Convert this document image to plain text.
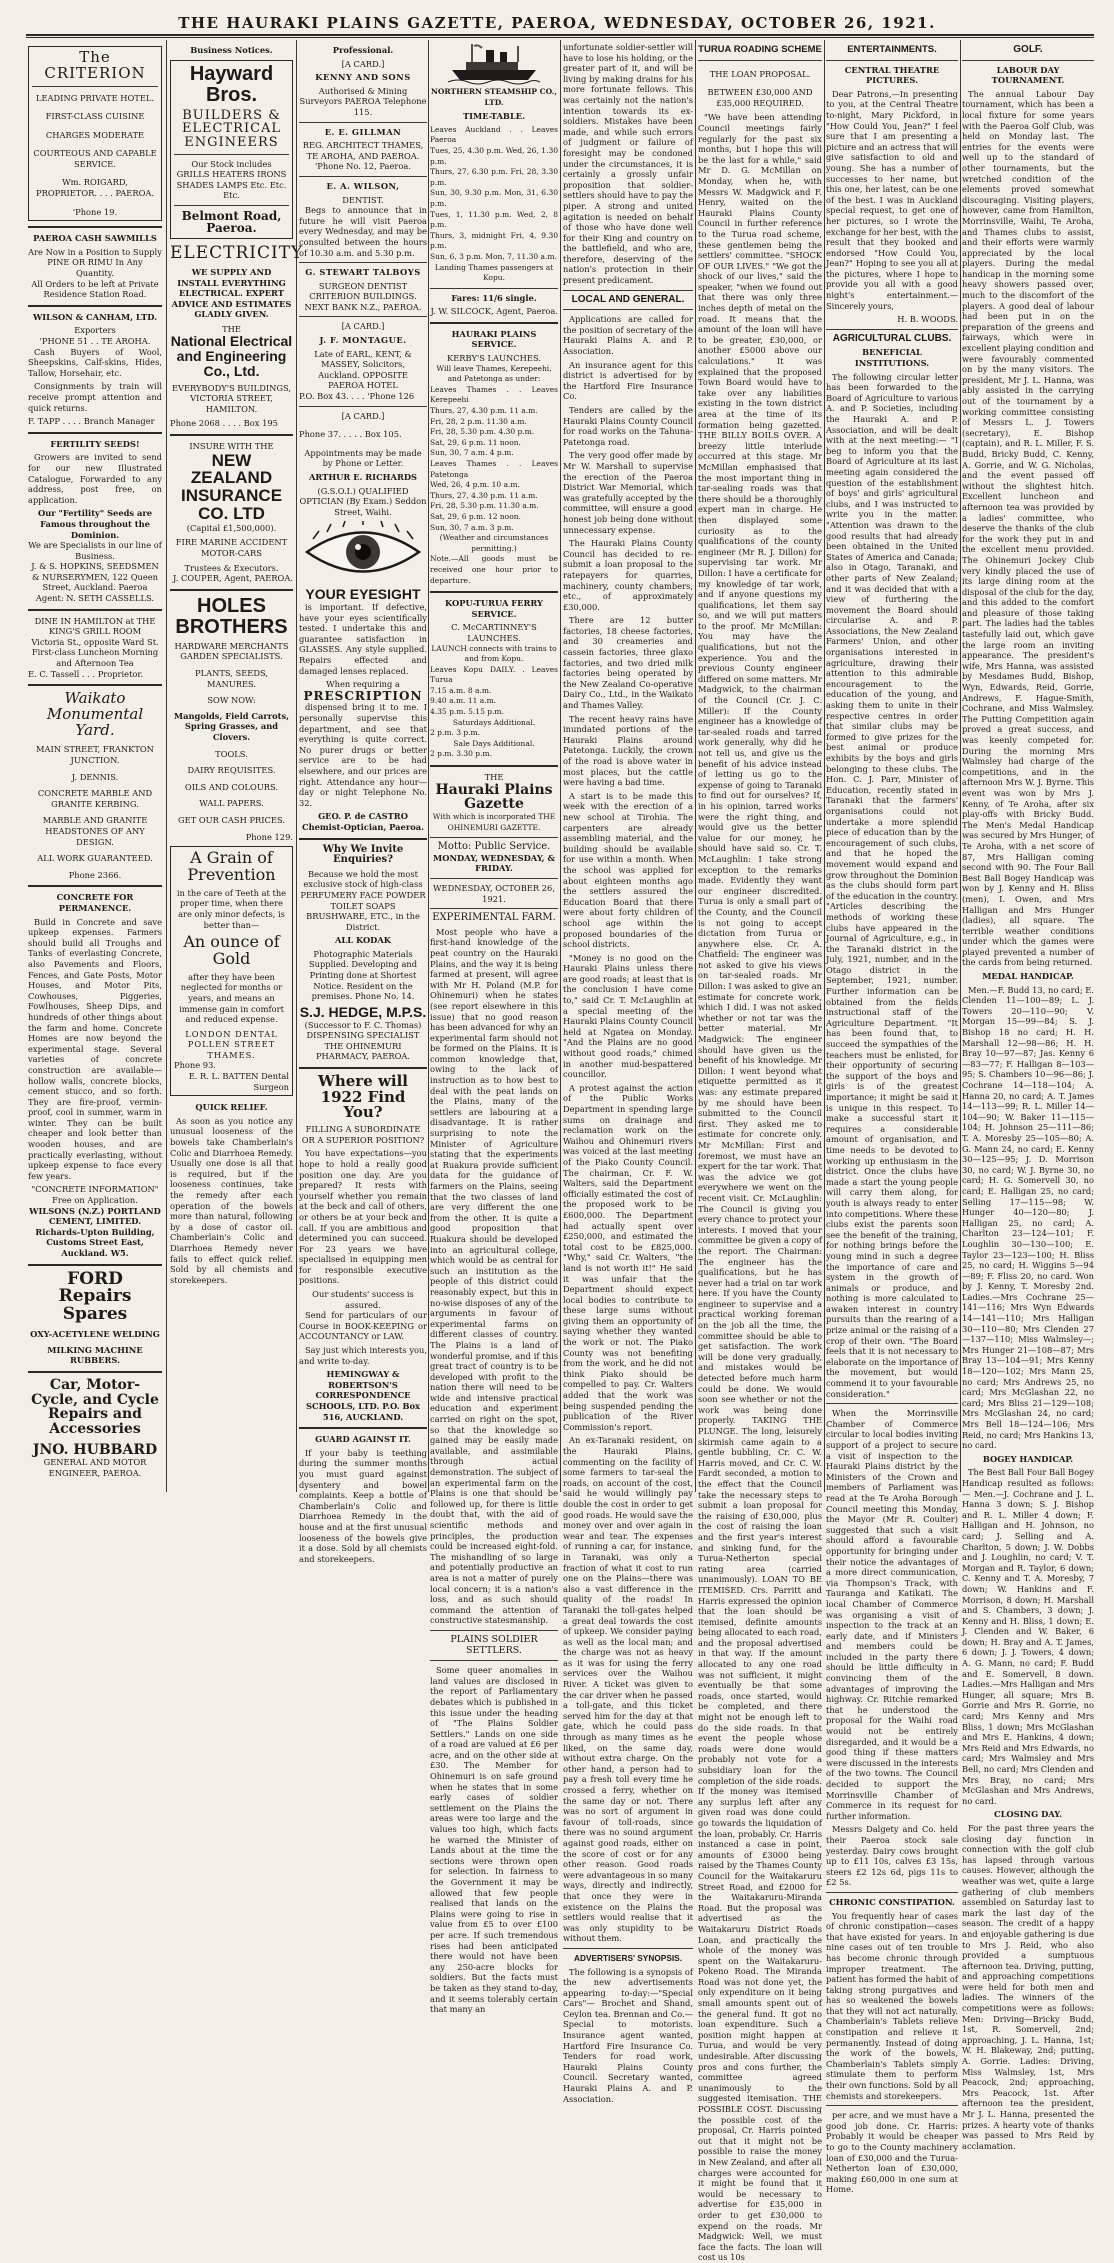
THE HAURAKI PLAINS GAZETTE, PAEROA, WEDNESDAY, OCTOBER 26, 1921.
The CRITERION
LEADING PRIVATE HOTEL.
FIRST-CLASS CUISINE
CHARGES MODERATE
COURTEOUS AND CAPABLE SERVICE.
Wm. ROIGARD, PROPRIETOR. . . . PAEROA.
'Phone 19.
PAEROA CASH SAWMILLS
Are Now in a Position to Supply PINE OR RIMU In Any Quantity.
All Orders to be left at Private Residence Station Road.
WILSON & CANHAM, LTD.
Exporters
'PHONE 51 . . TE AROHA.

Cash Buyers of Wool, Sheepskins, Calf-skins, Hides, Tallow, Horsehair, etc.

Consignments by train will receive prompt attention and quick returns.

F. TAPP . . . . Branch Manager
FERTILITY SEEDS!

Growers are invited to send for our new Illustrated Catalogue, Forwarded to any address, post free, on application.

Our "Fertility" Seeds are Famous throughout the Dominion.
We are Specialists in our line of Business.
J. & S. HOPKINS, SEEDSMEN & NURSERYMEN, 122 Queen Street, Auckland. Paeroa Agent: N. SETH CASSELLS.
DINE IN HAMILTON at THE KING'S GRILL ROOM
Victoria St., opposite Ward St. First-class Luncheon Morning and Afternoon Tea
E. C. Tassell . . . Proprietor.
Waikato Monumental Yard.
MAIN STREET, FRANKTON JUNCTION.
J. DENNIS.
CONCRETE MARBLE AND GRANITE KERBING.
MARBLE AND GRANITE HEADSTONES OF ANY DESIGN.
ALL WORK GUARANTEED.
Phone 2366.
CONCRETE FOR PERMANENCE.

Build in Concrete and save upkeep expenses. Farmers should build all Troughs and Tanks of everlasting Concrete, also Pavements and Floors, Fences, and Gate Posts, Motor Houses, and Motor Pits, Cowhouses, Piggeries, Fowlhouses, Sheep Dips, and hundreds of other things about the farm and home. Concrete Homes are now beyond the experimental stage. Several varieties of concrete construction are available—hollow walls, concrete blocks, cement stucco, and so forth. They are fire-proof, vermin-proof, cool in summer, warm in winter. They can be built cheaper and look better than wooden houses, and are practically everlasting, without upkeep expense to face every few years.

"CONCRETE INFORMATION" Free on Application.
WILSONS (N.Z.) PORTLAND CEMENT, LIMITED. Richards-Upton Building, Customs Street East, Auckland. W5.
FORD Repairs Spares
OXY-ACETYLENE WELDING
MILKING MACHINE RUBBERS.
Car, Motor-Cycle, and Cycle Repairs and Accessories
JNO. HUBBARD
GENERAL AND MOTOR ENGINEER, PAEROA.
Business Notices.
Hayward Bros.
BUILDERS & ELECTRICAL ENGINEERS
Our Stock includes GRILLS HEATERS IRONS SHADES LAMPS Etc. Etc. Etc.
Belmont Road, Paeroa.
ELECTRICITY
WE SUPPLY AND INSTALL EVERYTHING ELECTRICAL. EXPERT ADVICE AND ESTIMATES GLADLY GIVEN.
THE
National Electrical and Engineering Co., Ltd.
EVERYBODY'S BUILDINGS, VICTORIA STREET, HAMILTON.
Phone 2068 . . . . Box 195
INSURE WITH THE
NEW ZEALAND INSURANCE CO. LTD
(Capital £1,500,000).
FIRE MARINE ACCIDENT MOTOR-CARS
Trustees & Executors.
J. COUPER, Agent, PAEROA.
HOLES BROTHERS
HARDWARE MERCHANTS GARDEN SPECIALISTS.
PLANTS, SEEDS, MANURES.
SOW NOW:
Mangolds, Field Carrots, Spring Grasses, and Clovers.
TOOLS.
DAIRY REQUISITES.
OILS AND COLOURS.
WALL PAPERS.
GET OUR CASH PRICES.
Phone 129.
A Grain of Prevention
in the care of Teeth at the proper time, when there are only minor defects, is better than—
An ounce of Gold
after they have been neglected for months or years, and means an immense gain in comfort and reduced expense.
LONDON DENTAL POLLEN STREET THAMES.
Phone 93.
E. R. L. BATTEN Dental Surgeon
QUICK RELIEF.

As soon as you notice any unusual looseness of the bowels take Chamberlain's Colic and Diarrhoea Remedy. Usually one dose is all that is required, but if the looseness continues, take the remedy after each operation of the bowels more than natural, following by a dose of castor oil. Chamberlain's Colic and Diarrhoea Remedy never fails to effect quick relief. Sold by all chemists and storekeepers.

Professional.
[A CARD.]
KENNY AND SONS
Authorised & Mining Surveyors PAEROA Telephone 115.
E. E. GILLMAN
REG. ARCHITECT THAMES, TE AROHA, AND PAEROA. 'Phone No. 12, Paeroa.
E. A. WILSON,
DENTIST.

Begs to announce that in future he will visit Paeroa every Wednesday, and may be consulted between the hours of 10.30 a.m. and 5.30 p.m.

G. STEWART TALBOYS
SURGEON DENTIST CRITERION BUILDINGS. NEXT BANK N.Z., PAEROA.
[A CARD.]
J. F. MONTAGUE.
Late of EARL, KENT, & MASSEY, Solicitors, Auckland. OPPOSITE PAEROA HOTEL
P.O. Box 43. . . . 'Phone 126
[A CARD.]
Phone 37. . . . . Box 105.
Appointments may be made by Phone or Letter.
ARTHUR E. RICHARDS
(G.S.O.I.) QUALIFIED OPTICIAN (By Exam.) Seddon Street, Waihi.
YOUR EYESIGHT

is important. If defective, have your eyes scientifically tested. I undertake this and guarantee satisfaction in GLASSES. Any style supplied. Repairs effected and damaged lenses replaced.

When requiring a
PRESCRIPTION

dispensed bring it to me. I personally supervise this department, and see that everything is quite correct. No purer drugs or better service are to be had elsewhere, and our prices are right. Attendance any hour—day or night Telephone No. 32.

GEO. P. de CASTRO Chemist-Optician, Paeroa.
Why We Invite Enquiries?
Because we hold the most exclusive stock of high-class PERFUMERY FACE POWDER TOILET SOAPS BRUSHWARE, ETC., in the District.
ALL KODAK
Photographic Materials Supplied. Developing and Printing done at Shortest Notice. Resident on the premises. Phone No. 14.
S.J. HEDGE, M.P.S.
(Successor to F. C. Thomas) DISPENSING SPECIALIST THE OHINEMURI PHARMACY, PAEROA.
Where will 1922 Find You?
FILLING A SUBORDINATE OR A SUPERIOR POSITION?

You have expectations—you hope to hold a really good position one day. Are you prepared? It rests with yourself whether you remain at the beck and call of others, or others be at your beck and call. If you are ambitious and determined you can succeed. For 23 years we have specialised in equipping men for responsible executive positions.

Our students' success is assured.

Send for particulars of our Course in BOOK-KEEPING or ACCOUNTANCY or LAW.

Say just which interests you, and write to-day.

HEMINGWAY & ROBERTSON'S CORRESPONDENCE SCHOOLS, LTD. P.O. Box 516, AUCKLAND.
GUARD AGAINST IT.

If your baby is teething during the summer months you must guard against dysentery and bowel complaints. Keep a bottle of Chamberlain's Colic and Diarrhoea Remedy in the house and at the first unusual looseness of the bowels give it a dose. Sold by all chemists and storekeepers.

NORTHERN STEAMSHIP CO., LTD.
TIME-TABLE.
Leaves Auckland . . Leaves Paeroa
Tues, 25, 4.30 p.m. Wed, 26, 1.30 p.m.
Thurs, 27, 6.30 p.m. Fri, 28, 3.30 p.m.
Sun, 30, 9.30 p.m. Mon, 31, 6.30 p.m.
Tues, 1, 11.30 p.m. Wed, 2, 8 p.m.
Thurs, 3, midnight Fri, 4, 9.30 p.m.
Sun, 6, 3 p.m. Mon, 7, 11.30 a.m.
Landing Thames passengers at Kopu.
Fares: 11/6 single.
J. W. SILCOCK, Agent, Paeroa.
HAURAKI PLAINS SERVICE.
KERBY'S LAUNCHES.
Will leave Thames, Kerepeehi, and Patetonga as under:
Leaves Thames . . Leaves Kerepeehi
Thurs, 27, 4.30 p.m. 11 a.m.
Fri, 28, 2 p.m. 11.30 a.m.
Fri, 28, 5.30 p.m. 4.30 p.m.
Sat, 29, 6 p.m. 11 noon.
Sun, 30, 7 a.m. 4 p.m.
Leaves Thames . . Leaves Patetonga
Wed, 26, 4 p.m. 10 a.m.
Thurs, 27, 4.30 p.m. 11 a.m.
Fri, 28, 5.30 p.m. 11.30 a.m.
Sat, 29, 6 p.m. 12 noon.
Sun, 30, 7 a.m. 3 p.m.
(Weather and circumstances permitting.)
Note.—All goods must be received one hour prior to departure.
KOPU-TURUA FERRY SERVICE.
C. McCARTINNEY'S LAUNCHES.
LAUNCH connects with trains to and from Kopu.
Leaves Kopu DAILY. . Leaves Turua
7.15 a.m. 8 a.m.
9.40 a.m. 11 a.m.
4.35 p.m. 5.15 p.m.
Saturdays Additional.
2 p.m. 3 p.m.
Sale Days Additional.
2 p.m. 3.30 p.m.
THE
Hauraki Plains Gazette
With which is incorporated THE OHINEMURI GAZETTE.
Motto: Public Service.
MONDAY, WEDNESDAY, & FRIDAY.
WEDNESDAY, OCTOBER 26, 1921.
EXPERIMENTAL FARM.

Most people who have a first-hand knowledge of the peat country on the Hauraki Plains, and the way it is being farmed at present, will agree with Mr H. Poland (M.P. for Ohinemuri) when he states (see report elsewhere in this issue) that no good reason has been advanced for why an experimental farm should not be formed on the Plains. It is common knowledge that, owing to the lack of instruction as to how best to deal with the peat lands on the Plains, many of the settlers are labouring at a disadvantage. It is rather surprising to note the Minister of Agriculture stating that the experiments at Ruakura provide sufficient data for the guidance of farmers on the Plains, seeing that the two classes of land are very different the one from the other. It is quite a good proposition that Ruakura should be developed into an agricultural college, which would be as central for such an institution as the people of this district could reasonably expect, but this in no-wise disposes of any of the arguments in favour of experimental farms on different classes of country. The Plains is a land of wonderful promise, and if this great tract of country is to be developed with profit to the nation there will need to be wide and intensive practical education and experiment carried on right on the spot, so that the knowledge so gained may be easily made available, and assimilable through actual demonstration. The subject of an experimental farm on the Plains is one that should be followed up, for there is little doubt that, with the aid of scientific methods and principles, the production could be increased eight-fold. The mishandling of so large and potentially productive an area is not a matter of purely local concern; it is a nation's loss, and as such should command the attention of constructive statesmanship.

PLAINS SOLDIER SETTLERS.

Some queer anomalies in land values are disclosed in the report of Parliamentary debates which is published in this issue under the heading of "The Plains Soldier Settlers." Lands on one side of a road are valued at £6 per acre, and on the other side at £30. The Member for Ohinemuri is on safe ground when he states that in some early cases of soldier settlement on the Plains the areas were too large and the values too high, which facts he warned the Minister of Lands about at the time the sections were thrown open for selection. In fairness to the Government it may be allowed that few people realised that lands on the Plains were going to rise in value from £5 to over £100 per acre. If such tremendous rises had been anticipated there would not have been any 250-acre blocks for soldiers. But the facts must be taken as they stand to-day, and it seems tolerably certain that many an

unfortunate soldier-settler will have to lose his holding, or the greater part of it, and will be living by making drains for his more fortunate fellows. This was certainly not the nation's intention towards its ex-soldiers. Mistakes have been made, and while such errors of judgment or failure of foresight may be condoned under the circumstances, it is certainly a grossly unfair proposition that soldier-settlers should have to pay the piper. A strong and united agitation is needed on behalf of those who have done well for their King and country on the battlefield, and who are, therefore, deserving of the nation's protection in their present predicament.

LOCAL AND GENERAL.

Applications are called for the position of secretary of the Hauraki Plains A. and P. Association.

An insurance agent for this district is advertised for by the Hartford Fire Insurance Co.

Tenders are called by the Hauraki Plains County Council for road works on the Tahuna-Patetonga road.

The very good offer made by Mr W. Marshall to supervise the erection of the Paeroa District War Memorial, which was gratefully accepted by the committee, will ensure a good honest job being done without unnecessary expense.

The Hauraki Plains County Council has decided to re-submit a loan proposal to the ratepayers for quarries, machinery, county chambers, etc., of approximately £30,000.

There are 12 butter factories, 18 cheese factories, and 30 creameries and cassein factories, three glaxo factories, and two dried milk factories being operated by the New Zealand Co-operative Dairy Co., Ltd., in the Waikato and Thames Valley.

The recent heavy rains have inundated portions of the Hauraki Plains around Patetonga. Luckily, the crown of the road is above water in most places, but the cattle were having a bad time.

A start is to be made this week with the erection of a new school at Tirohia. The carpenters are already assembling material, and the building should be available for use within a month. When the school was applied for about eighteen months ago the settlers assured the Education Board that there were about forty children of school age within the proposed boundaries of the school districts.

"Money is no good on the Hauraki Plains unless there are good roads; at least that is the conclusion I have come to," said Cr. T. McLaughlin at a special meeting of the Hauraki Plains County Council held at Ngatea on Monday. "And the Plains are no good without good roads," chimed in another mud-bespattered councillor.

A protest against the action of the Public Works Department in spending large sums on drainage and reclamation work on the Waihou and Ohinemuri rivers was voiced at the last meeting of the Piako County Council. The chairman, Cr. F. W. Walters, said the Department officially estimated the cost of the proposed work to be £600,000. The Department had actually spent over £250,000, and estimated the total cost to be £825,000. "Why," said Cr. Walters, "the land is not worth it!" He said it was unfair that the Department should expect local bodies to contribute to these large sums without giving them an opportunity of saying whether they wanted the work or not. The Piako County was not benefiting from the work, and he did not think Piako should be compelled to pay. Cr. Walters added that the work was being suspended pending the publication of the River Commission's report.

An ex-Taranaki resident, on the Hauraki Plains, commenting on the facility of some farmers to tar-seal the roads, on account of the cost, said he would willingly pay double the cost in order to get good roads. He would save the money over and over again in wear and tear. The expenses of running a car, for instance, in Taranaki, was only a fraction of what it cost to run one on the Plains—there was also a vast difference in the quality of the roads! In Taranaki the toll-gates helped a great deal towards the cost of upkeep. We consider paying as well as the local man; and the charge was not as heavy as it was for using the ferry services over the Waihou River. A ticket was given to the car driver when he passed a toll-gate, and this ticket served him for the day at that gate, which he could pass through as many times as he liked, on the same day, without extra charge. On the other hand, a person had to pay a fresh toll every time he crossed a ferry, whether on the same day or not. There was no sort of argument in favour of toll-roads, since there was no sound argument against good roads, either on the score of cost or for any other reason. Good roads were advantageous in so many ways, directly and indirectly, that once they were in existence on the Plains the settlers would realise that it was only stupidity to be without them.

ADVERTISERS' SYNOPSIS.

The following is a synopsis of the new advertisements appearing to-day:—"Special Cars"— Brochet and Shand, Ceylon tea. Brennan and Co.—Special to motorists. Insurance agent wanted, Hartford Fire Insurance Co. Tenders for road work, Hauraki Plains County Council. Secretary wanted, Hauraki Plains A. and P. Association.

TURUA ROADING SCHEME
THE LOAN PROPOSAL.
BETWEEN £30,000 AND £35,000 REQUIRED.

"We have been attending Council meetings fairly regularly for the past six months, but I hope this will be the last for a while," said Mr D. G. McMillan on Monday, when he, with Messrs W. Madgwick and F. Henry, waited on the Hauraki Plains County Council in further reference to the Turua road scheme, these gentlemen being the settlers' committee. "SHOCK OF OUR LIVES." "We got the shock of our lives," said the speaker, "when we found out that there was only three inches depth of metal on the road. It means that the amount of the loan will have to be greater, £30,000, or another £5000 above our calculations." It was explained that the proposed Town Board would have to take over any liabilities existing in the town district area at the time of its formation being gazetted. THE BILLY BOILS OVER. A breezy little interlude occurred at this stage. Mr McMillan emphasised that the most important thing in tar-sealing roads was that there should be a thoroughly expert man in charge. He then displayed some curiosity as to the qualifications of the county engineer (Mr R. J. Dillon) for supervising tar work. Mr Dillon: I have a certificate for my knowledge of tar work, and if anyone questions my qualifications, let them say so, and we will put matters to the proof. Mr McMillan: You may have the qualifications, but not the experience. You and the previous County engineer differed on some matters. Mr Madgwick, to the chairman of the Council (Cr. J. C. Miller): If the County engineer has a knowledge of tar-sealed roads and tarred work generally, why did he not tell us, and give us the benefit of his advice instead of letting us go to the expense of going to Taranaki to find out for ourselves? If, in his opinion, tarred works were the right thing, and would give us the better value for our money, he should have said so. Cr. T. McLaughlin: I take strong exception to the remarks made. Evidently they want our engineer discredited. Turua is only a small part of the County, and the Council is not going to accept dictation from Turua or anywhere else. Cr. A. Chatfield: The engineer was not asked to give his views on tar-sealed roads. Mr Dillon: I was asked to give an estimate for concrete work, which I did. I was not asked whether or not tar was the better material. Mr Madgwick: The engineer should have given us the benefit of his knowledge. Mr Dillon: I went beyond what etiquette permitted as it was: any estimate prepared by me should have been submitted to the Council first. They asked me to estimate for concrete only. Mr McMillan: First and foremost, we must have an expert for the tar work. That was the advice we got everywhere we went on the recent visit. Cr. McLaughlin: The Council is giving you every chance to protect your interests. I moved that your committee be given a copy of the report. The Chairman: The engineer has the qualifications, but he has never had a trial on tar work here. If you have the County engineer to supervise and a practical working foreman on the job all the time, the committee should be able to get satisfaction. The work will be done very gradually, and mistakes would be detected before much harm could be done. We would soon see whether or not the work was being done properly. TAKING THE PLUNGE. The long, leisurely skirmish came again to a gentle bubbling, Cr. C. W. Harris moved, and Cr. C. W. Fardt seconded, a motion to the effect that the Council take the necessary steps to submit a loan proposal for the raising of £30,000, plus the cost of raising the loan and the first year's interest and sinking fund, for the Turua-Netherton special rating area (carried unanimously). LOAN TO BE ITEMISED. Crs. Parritt and Harris expressed the opinion that the loan should be itemised, definite amounts being allocated to each road, and the proposal advertised in that way. If the amount allocated to any one road was not sufficient, it might eventually be that some roads, once started, would be completed, and there might not be enough left to do the side roads. In that event the people whose roads were done would probably not vote for a subsidiary loan for the completion of the side roads. If the money was itemised any surplus left after any given road was done could go towards the liquidation of the loan, probably. Cr. Harris instanced a case in point, amounts of £3000 being raised by the Thames County Council for the Waitakaruru Street Road, and £2000 for the Waitakaruru-Miranda Road. But the proposal was advertised as the Waitakaruru District Roads Loan, and practically the whole of the money was spent on the Waitakaruru-Pokeno Road. The Miranda Road was not done yet, the only expenditure on it being small amounts spent out of the general fund. It got no loan expenditure. Such a position might happen at Turua, and would be very undesirable. After discussing pros and cons further, the committee agreed unanimously to the suggested itemisation. THE POSSIBLE COST. Discussing the possible cost of the proposal, Cr. Harris pointed out that it might not be possible to raise the money in New Zealand, and after all charges were accounted for it might be found that it would be necessary to advertise for £35,000 in order to get £30,000 to expend on the roads. Mr Madgwick: Well, we must face the facts. The loan will cost us 10s

ENTERTAINMENTS.
CENTRAL THEATRE PICTURES.

Dear Patrons,—In presenting to you, at the Central Theatre to-night, Mary Pickford, in "How Could You, Jean?" I feel sure that I am presenting a picture and an actress that will give satisfaction to old and young. She has a number of successes to her name, but this one, her latest, can be one of the best. I was in Auckland special request, to get one of her pictures, so I wrote the exchange for her best, with the result that they booked and endorsed "How Could You, Jean?" Hoping to see you all at the pictures, where I hope to provide you all with a good night's entertainment.—Sincerely yours,

H. B. WOODS.
AGRICULTURAL CLUBS.
BENEFICIAL INSTITUTIONS.

The following circular letter has been forwarded to the Board of Agriculture to various A. and P. Societies, including the Hauraki A. and P. Association, and will be dealt with at the next meeting:— "I beg to inform you that the Board of Agriculture at its last meeting again considered the question of the establishment of boys' and girls' agricultural clubs, and I was instructed to write you in the matter. "Attention was drawn to the good results that had already been obtained in the United States of America and Canada; also in Otago, Taranaki, and other parts of New Zealand; and it was decided that with a view of furthering the movement the Board should circularise A. and P. Associations, the New Zealand Farmers' Union, and other organisations interested in agriculture, drawing their attention to this admirable encouragement to the education of the young, and asking them to unite in their respective centres in order that similar clubs may be formed to give prizes for the best animal or produce exhibits by the boys and girls belonging to these clubs. The Hon. C. J. Parr, Minister of Education, recently stated in Taranaki that the farmers' organisations could not undertake a more splendid piece of education than by the encouragement of such clubs, and that he hoped the movement would expand and grow throughout the Dominion as the clubs should form part of the education in the country. "Articles describing the methods of working these clubs have appeared in the Journal of Agriculture, e.g., in the Taranaki district in the July, 1921, number, and in the Otago district in the September, 1921, number. Further information can be obtained from the fields instructional staff of the Agriculture Department. "It has been found that, to succeed the sympathies of the teachers must be enlisted, for their opportunity of securing the support of the boys and girls is of the greatest importance; it might be said it is unique in this respect. To make a successful start it requires a considerable amount of organisation, and time needs to be devoted to working up enthusiasm in the district. Once the clubs have made a start the young people will carry them along, for youth is always ready to enter into competitions. Where these clubs exist the parents soon see the benefit of the training, for nothing brings before the young mind in such a degree the importance of care and system in the growth of animals or produce, and nothing is more calculated to awaken interest in country pursuits than the rearing of a prize animal or the raising of a crop of their own. "The Board feels that it is not necessary to elaborate on the importance of the movement, but would commend it to your favourable consideration."

When the Morrinsville Chamber of Commerce circular to local bodies inviting support of a project to secure a visit of inspection to the Hauraki Plains district by the Ministers of the Crown and members of Parliament was read at the Te Aroha Borough Council meeting this Monday, the Mayor (Mr R. Coulter) suggested that such a visit should afford a favourable opportunity for bringing under their notice the advantages of a more direct communication, via Thompson's Track, with Tauranga and Katikati. The local Chamber of Commerce was organising a visit of inspection to the track at an early date, and if Ministers and members could be included in the party there should be little difficulty in convincing them of the advantages of improving the highway. Cr. Ritchie remarked that he understood the proposal for the Waihi road would not be entirely disregarded, and it would be a good thing if these matters were discussed in the interests of the two towns. The Council decided to support the Morrinsville Chamber of Commerce in its request for further information.

Messrs Dalgety and Co. held their Paeroa stock sale yesterday. Dairy cows brought up to £11 10s, calves £3 15s, steers £2 12s 6d, pigs 11s to £2 5s.

CHRONIC CONSTIPATION.

You frequently hear of cases of chronic constipation—cases that have existed for years. In nine cases out of ten trouble has become chronic through improper treatment. The patient has formed the habit of taking strong purgatives and has so weakened the bowels that they will not act naturally. Chamberlain's Tablets relieve constipation and relieve it permanently. Instead of doing the work of the bowels, Chamberlain's Tablets simply stimulate them to perform their own functions. Sold by all chemists and storekeepers.

per acre, and we must have a good job done. Cr. Harris: Probably it would be cheaper to go to the County machinery loan of £30,000 and the Turua-Netherton loan of £30,000, making £60,000 in one sum at Home.

GOLF.
LABOUR DAY TOURNAMENT.

The annual Labour Day tournament, which has been a local fixture for some years with the Paeroa Golf Club, was held on Monday last. The entries for the events were well up to the standard of other tournaments, but the wretched condition of the elements proved somewhat discouraging. Visiting players, however, came from Hamilton, Morrinsville, Waihi, Te Aroha, and Thames clubs to assist, and their efforts were warmly appreciated by the local players. During the medal handicap in the morning some heavy showers passed over, much to the discomfort of the players. A good deal of labour had been put in on the preparation of the greens and fairways, which were in excellent playing condition and were favourably commented on by the many visitors. The president, Mr J. L. Hanna, was ably assisted in the carrying out of the tournament by a working committee consisting of Messrs L. J. Towers (secretary), E. Bishop (captain), and R. L. Miller, F. S. Budd, Bricky Budd, C. Kenny, A. Gorrie, and W. G. Nicholas, and the event passed off without the slightest hitch. Excellent luncheon and afternoon tea was provided by a ladies' committee, who deserve the thanks of the club for the work they put in and the excellent menu provided. The Ohinemuri Jockey Club very kindly placed the use of its large dining room at the disposal of the club for the day, and this added to the comfort and pleasure of those taking part. The ladies had the tables tastefully laid out, which gave the large room an inviting appearance. The president's wife, Mrs Hanna, was assisted by Mesdames Budd, Bishop, Wyn, Edwards, Reid, Gorrie, Andrews, F. Hague-Smith, Cochrane, and Miss Walmsley. The Putting Competition again proved a great success, and was keenly competed for. During the morning Mrs Walmsley had charge of the competitions, and in the afternoon Mrs W. J. Byrne. This event was won by Mrs J. Kenny, of Te Aroha, after six play-offs with Bricky Budd. The Men's Medal Handicap was secured by Mrs Hunger, of Te Aroha, with a net score of 87, Mrs Halligan coming second with 90. The Four Ball Best Ball Bogey Handicap was won by J. Kenny and H. Bliss (men), I. Owen, and Mrs Halligan and Mrs Hunger (ladies), all square. The terrible weather conditions under which the games were played prevented a number of the cards from being returned.

MEDAL HANDICAP.

Men.—F. Budd 13, no card; E. Clenden 11—100—89; L. J. Towers 20—110—90; V. Morgan 15—99—84; S. J. Bishop 18 no card; H. H. Marshall 12—98—86; H. H. Bray 10—97—87; Jas. Kenny 6—83—77; F. Halligan 8—103—95; S. Chambers 10—96—86; J. Cochrane 14—118—104; A. Hanna 20, no card; A. T. James 14—113—99; R. L. Miller 14—104—90; W. Baker 11—115—104; H. Johnson 25—111—86; T. A. Moresby 25—105—80; A. G. Mann 24, no card; E. Kenny 30—125—95; J. D. Morrison 30, no card; W. J. Byrne 30, no card; H. G. Somervell 30, no card; E. Halligan 25, no card; Selling 17—115—98; W. Hunger 40—120—80; J. Halligan 25, no card; A. Charlton 23—124—101; F. Loughlin 30—130—100; E. Taylor 23—123—100; H. Bliss 25, no card; H. Wiggins 5—94—89; F. Fliss 20, no card. Won by J. Kenny, T. Moresby 2nd. Ladies.—Mrs Cochrane 25—141—116; Mrs Wyn Edwards 14—141—110; Mrs Halligan 30—110—80; Mrs Clenden 27—137—110; Miss Walmsley—; Mrs Hunger 21—108—87; Mrs Bray 13—104—91; Mrs Kenny 18—120—102; Mrs Mann 25, no card; Mrs Andrews 25, no card; Mrs McGlashan 22, no card; Mrs Bliss 21—129—108; Mrs McGlashan 24, no card; Mrs Bell 18—124—106; Mrs Reid, no card; Mrs Hankins 13, no card.

BOGEY HANDICAP.

The Best Ball Four Ball Bogey Handicap resulted as follows:— Men.—J. Cochrane and J. L. Hanna 3 down; S. J. Bishop and R. L. Miller 4 down; F. Halligan and H. Johnson, no card; J. Selling and A. Charlton, 5 down; J. W. Dobbs and J. Loughlin, no card; V. T. Morgan and R. Taylor, 6 down; C. Kenny and T. A. Moresby, 7 down; W. Hankins and F. Morrison, 8 down; H. Marshall and S. Chambers, 3 down; J. Kenny and H. Bliss, 1 down; E. J. Clenden and W. Baker, 6 down; H. Bray and A. T. James, 6 down; J. J. Towers, 4 down; A. G. Mann, no card; F. Budd and E. Somervell, 8 down. Ladies.—Mrs Halligan and Mrs Hunger, all square; Mrs B. Gorrie and Mrs R. Gorrie, no card; Mrs Kenny and Mrs Bliss, 1 down; Mrs McGlashan and Mrs E. Hankins, 4 down; Mrs Reid and Mrs Edwards, no card; Mrs Walmsley and Mrs Bell, no card; Mrs Clenden and Mrs Bray, no card; Mrs McGlashan and Mrs Andrews, no card.

CLOSING DAY.

For the past three years the closing day function in connection with the golf club has lapsed through various causes. However, although the weather was wet, quite a large gathering of club members assembled on Saturday last to mark the last day of the season. The credit of a happy and enjoyable gathering is due to Mrs J. Reid, who also provided a sumptuous afternoon tea. Driving, putting, and approaching competitions were held for both men and ladies. The winners of the competitions were as follows: Men: Driving—Bricky Budd, 1st, R. Somervell, 2nd; approaching, J. L. Hanna, 1st; W. H. Blakeway, 2nd; putting, A. Gorrie. Ladies: Driving, Miss Walmsley, 1st, Mrs Peacock, 2nd; approaching, Mrs Peacock, 1st. After afternoon tea the president, Mr J. L. Hanna, presented the prizes. A hearty vote of thanks was passed to Mrs Reid by acclamation.
